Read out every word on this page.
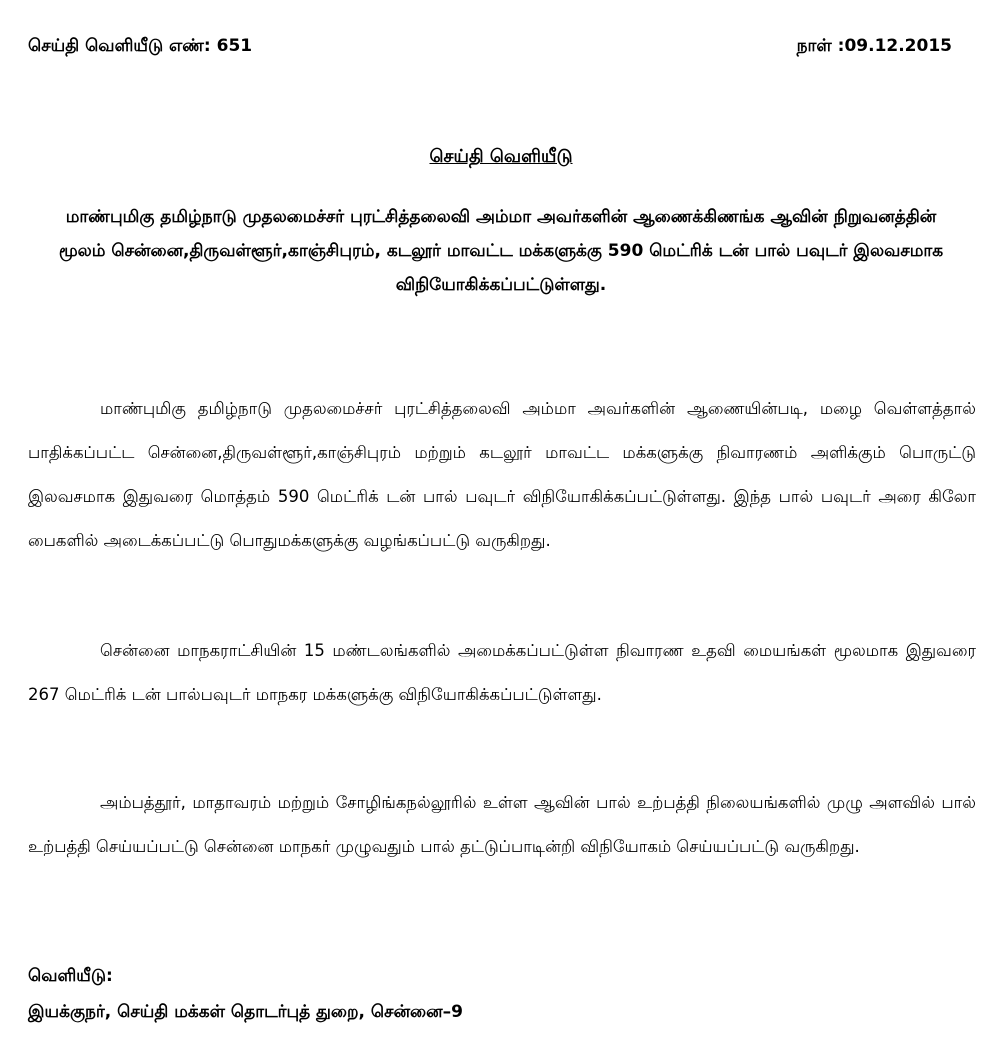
செய்தி வெளியீடு எண்: 651	நாள் :09.12.2015
செய்தி வெளியீடு
மாண்புமிகு தமிழ்நாடு முதலமைச்சர் புரட்சித்தலைவி அம்மா அவர்களின் ஆணைக்கிணங்க ஆவின் நிறுவனத்தின் மூலம் சென்னை,திருவள்ளூர்,காஞ்சிபுரம், கடலூர் மாவட்ட மக்களுக்கு 590 மெட்ரிக் டன் பால் பவுடர் இலவசமாக விநியோகிக்கப்பட்டுள்ளது.

மாண்புமிகு தமிழ்நாடு முதலமைச்சர் புரட்சித்தலைவி அம்மா அவர்களின் ஆணையின்படி, மழை வெள்ளத்தால் பாதிக்கப்பட்ட சென்னை,திருவள்ளூர்,காஞ்சிபுரம் மற்றும் கடலூர் மாவட்ட மக்களுக்கு நிவாரணம் அளிக்கும் பொருட்டு இலவசமாக இதுவரை மொத்தம் 590 மெட்ரிக் டன் பால் பவுடர் விநியோகிக்கப்பட்டுள்ளது. இந்த பால் பவுடர் அரை கிலோ பைகளில் அடைக்கப்பட்டு பொதுமக்களுக்கு வழங்கப்பட்டு வருகிறது.

சென்னை மாநகராட்சியின் 15 மண்டலங்களில் அமைக்கப்பட்டுள்ள நிவாரண உதவி மையங்கள் மூலமாக இதுவரை 267 மெட்ரிக் டன் பால்பவுடர் மாநகர மக்களுக்கு விநியோகிக்கப்பட்டுள்ளது.

அம்பத்தூர், மாதாவரம் மற்றும் சோழிங்கநல்லூரில் உள்ள ஆவின் பால் உற்பத்தி நிலையங்களில் முழு அளவில் பால் உற்பத்தி செய்யப்பட்டு சென்னை மாநகர் முழுவதும் பால் தட்டுப்பாடின்றி விநியோகம் செய்யப்பட்டு வருகிறது.

வெளியீடு:
இயக்குநர், செய்தி மக்கள் தொடர்புத் துறை, சென்னை–9
